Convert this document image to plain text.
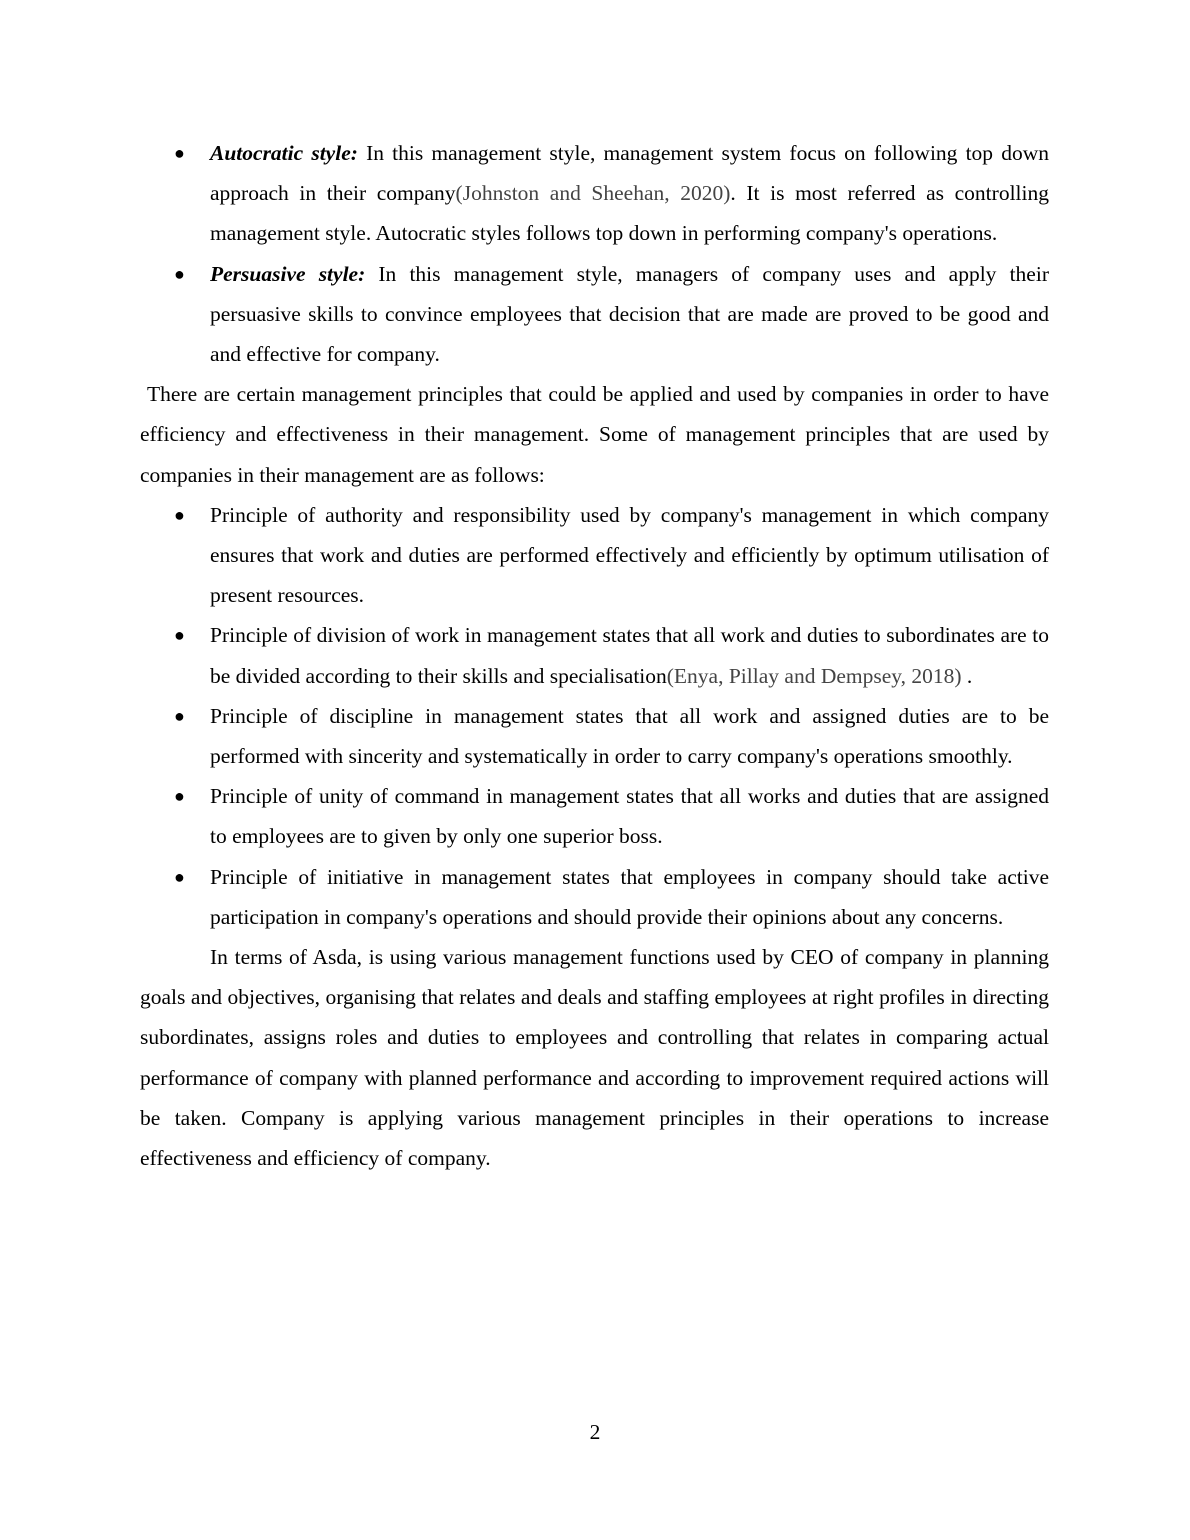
●	Autocratic style: In this management style, management system focus on following top down approach in their company(Johnston and Sheehan, 2020). It is most referred as controlling management style. Autocratic styles follows top down in performing company's operations.
●	Persuasive style: In this management style, managers of company uses and apply their persuasive skills to convince employees that decision that are made are proved to be good and and effective for company.

There are certain management principles that could be applied and used by companies in order to have efficiency and effectiveness in their management. Some of management principles that are used by companies in their management are as follows:

●	Principle of authority and responsibility used by company's management in which company ensures that work and duties are performed effectively and efficiently by optimum utilisation of present resources.
●	Principle of division of work in management states that all work and duties to subordinates are to be divided according to their skills and specialisation(Enya, Pillay and Dempsey, 2018) .
●	Principle of discipline in management states that all work and assigned duties are to be performed with sincerity and systematically in order to carry company's operations smoothly.
●	Principle of unity of command in management states that all works and duties that are assigned to employees are to given by only one superior boss.
●	Principle of initiative in management states that employees in company should take active participation in company's operations and should provide their opinions about any concerns.

In terms of Asda, is using various management functions used by CEO of company in planning goals and objectives, organising that relates and deals and staffing employees at right profiles in directing subordinates, assigns roles and duties to employees and controlling that relates in comparing actual performance of company with planned performance and according to improvement required actions will be taken. Company is applying various management principles in their operations to increase effectiveness and efficiency of company.

2
